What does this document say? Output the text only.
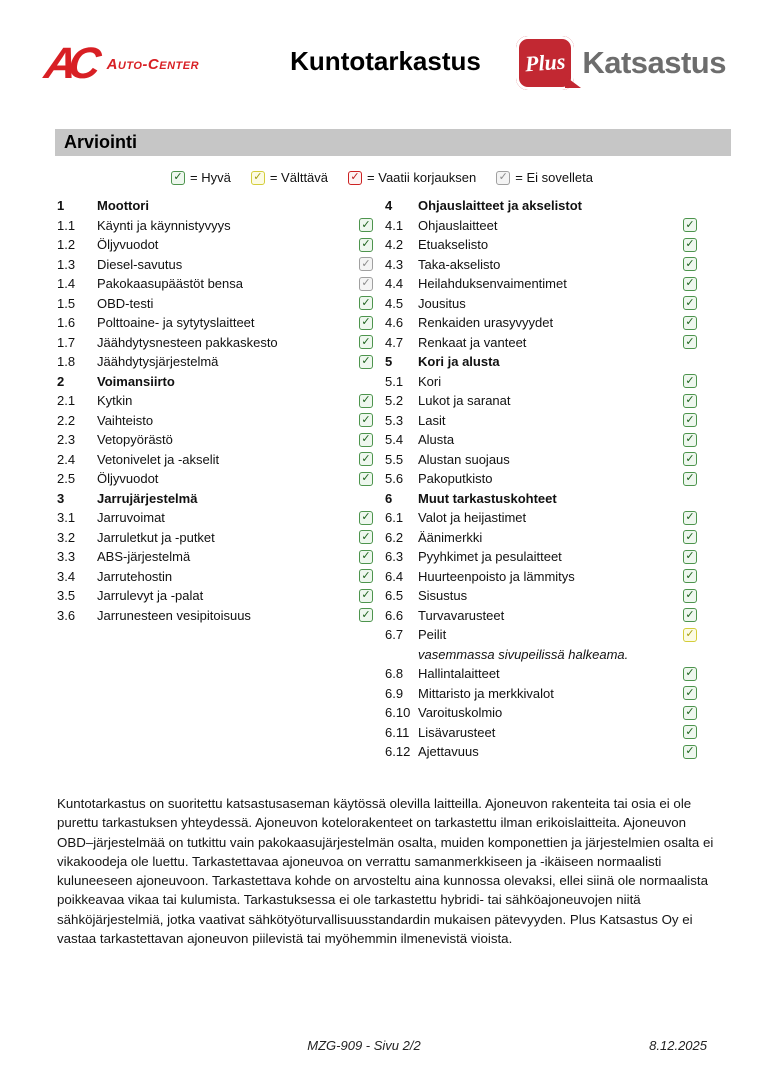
AC Auto-Center	Kuntotarkastus Plus Katsastus
Arviointi
✓ = Hyvä ✓ = Välttävä ✓ = Vaatii korjauksen ✓ = Ei sovelleta
1	Moottori
1.1	Käynti ja käynnistyvyys	✓
1.2	Öljyvuodot	✓
1.3	Diesel-savutus	✓
1.4	Pakokaasupäästöt bensa	✓
1.5	OBD-testi	✓
1.6	Polttoaine- ja sytytyslaitteet	✓
1.7	Jäähdytysnesteen pakkaskesto	✓
1.8	Jäähdytysjärjestelmä	✓
2	Voimansiirto
2.1	Kytkin	✓
2.2	Vaihteisto	✓
2.3	Vetopyörästö	✓
2.4	Vetonivelet ja -akselit	✓
2.5	Öljyvuodot	✓
3	Jarrujärjestelmä
3.1	Jarruvoimat	✓
3.2	Jarruletkut ja -putket	✓
3.3	ABS-järjestelmä	✓
3.4	Jarrutehostin	✓
3.5	Jarrulevyt ja -palat	✓
3.6	Jarrunesteen vesipitoisuus	✓
4	Ohjauslaitteet ja akselistot
4.1	Ohjauslaitteet	✓
4.2	Etuakselisto	✓
4.3	Taka-akselisto	✓
4.4	Heilahduksenvaimentimet	✓
4.5	Jousitus	✓
4.6	Renkaiden urasyvyydet	✓
4.7	Renkaat ja vanteet	✓
5	Kori ja alusta
5.1	Kori	✓
5.2	Lukot ja saranat	✓
5.3	Lasit	✓
5.4	Alusta	✓
5.5	Alustan suojaus	✓
5.6	Pakoputkisto	✓
6	Muut tarkastuskohteet
6.1	Valot ja heijastimet	✓
6.2	Äänimerkki	✓
6.3	Pyyhkimet ja pesulaitteet	✓
6.4	Huurteenpoisto ja lämmitys	✓
6.5	Sisustus	✓
6.6	Turvavarusteet	✓
6.7	Peilit	✓
vasemmassa sivupeilissä halkeama.
6.8	Hallintalaitteet	✓
6.9	Mittaristo ja merkkivalot	✓
6.10 Varoituskolmio	✓
6.11 Lisävarusteet	✓
6.12 Ajettavuus	✓
Kuntotarkastus on suoritettu katsastusaseman käytössä olevilla laitteilla. Ajoneuvon rakenteita tai osia ei ole purettu tarkastuksen yhteydessä. Ajoneuvon kotelorakenteet on tarkastettu ilman erikoislaitteita. Ajoneuvon OBD–järjestelmää on tutkittu vain pakokaasujärjestelmän osalta, muiden komponettien ja järjestelmien osalta ei vikakoodeja ole luettu. Tarkastettavaa ajoneuvoa on verrattu samanmerkkiseen ja -ikäiseen normaalisti kuluneeseen ajoneuvoon. Tarkastettava kohde on arvosteltu aina kunnossa olevaksi, ellei siinä ole normaalista poikkeavaa vikaa tai kulumista. Tarkastuksessa ei ole tarkastettu hybridi- tai sähköajoneuvojen niitä sähköjärjestelmiä, jotka vaativat sähkötyöturvallisuusstandardin mukaisen pätevyyden. Plus Katsastus Oy ei vastaa tarkastettavan ajoneuvon piilevistä tai myöhemmin ilmenevistä vioista.
MZG-909 - Sivu 2/2	8.12.2025
